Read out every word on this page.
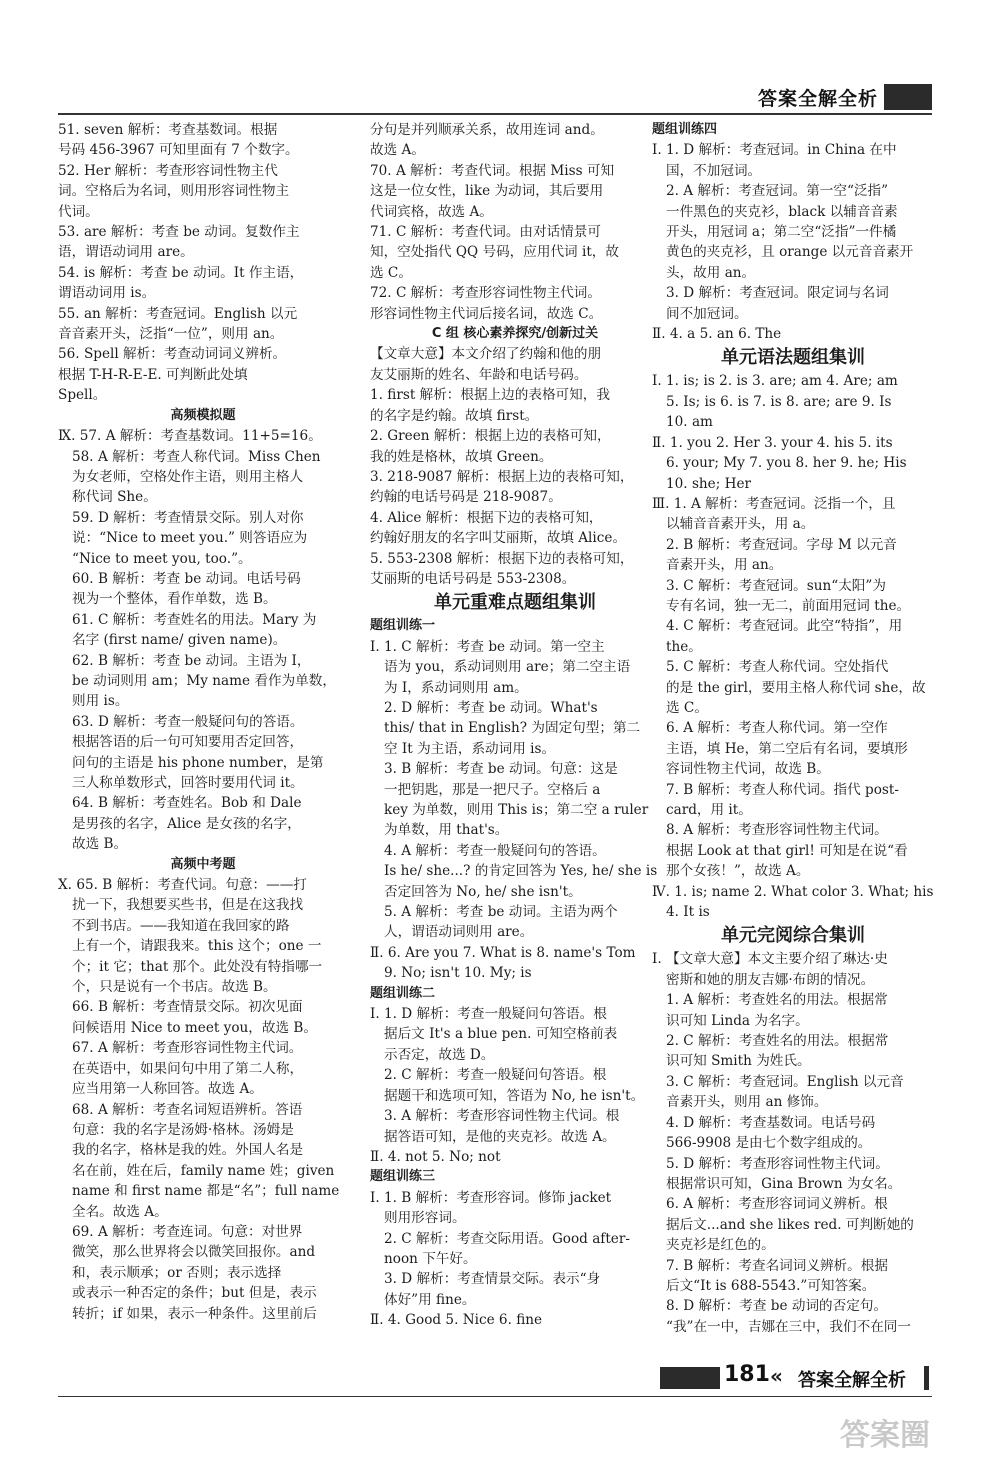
答案全解全析
51. seven 解析：考查基数词。根据
号码 456-3967 可知里面有 7 个数字。
52. Her 解析：考查形容词性物主代
词。空格后为名词，则用形容词性物主
代词。
53. are 解析：考查 be 动词。复数作主
语，谓语动词用 are。
54. is 解析：考查 be 动词。It 作主语，
谓语动词用 is。
55. an 解析：考查冠词。English 以元
音音素开头，泛指“一位”，则用 an。
56. Spell 解析：考查动词词义辨析。
根据 T-H-R-E-E. 可判断此处填
Spell。
高频模拟题
Ⅸ. 57. A 解析：考查基数词。11+5=16。
58. A 解析：考查人称代词。Miss Chen
为女老师，空格处作主语，则用主格人
称代词 She。
59. D 解析：考查情景交际。别人对你
说：“Nice to meet you.” 则答语应为
“Nice to meet you, too.”。
60. B 解析：考查 be 动词。电话号码
视为一个整体，看作单数，选 B。
61. C 解析：考查姓名的用法。Mary 为
名字 (first name/ given name)。
62. B 解析：考查 be 动词。主语为 I，
be 动词则用 am；My name 看作为单数，
则用 is。
63. D 解析：考查一般疑问句的答语。
根据答语的后一句可知要用否定回答，
问句的主语是 his phone number，是第
三人称单数形式，回答时要用代词 it。
64. B 解析：考查姓名。Bob 和 Dale
是男孩的名字，Alice 是女孩的名字，
故选 B。
高频中考题
Ⅹ. 65. B 解析：考查代词。句意：——打
扰一下，我想要买些书，但是在这我找
不到书店。——我知道在我回家的路
上有一个，请跟我来。this 这个；one 一
个；it 它；that 那个。此处没有特指哪一
个，只是说有一个书店。故选 B。
66. B 解析：考查情景交际。初次见面
问候语用 Nice to meet you，故选 B。
67. A 解析：考查形容词性物主代词。
在英语中，如果问句中用了第二人称，
应当用第一人称回答。故选 A。
68. A 解析：考查名词短语辨析。答语
句意：我的名字是汤姆·格林。汤姆是
我的名字，格林是我的姓。外国人名是
名在前，姓在后，family name 姓；given
name 和 first name 都是“名”；full name
全名。故选 A。
69. A 解析：考查连词。句意：对世界
微笑，那么世界将会以微笑回报你。and
和，表示顺承；or 否则；表示选择
或表示一种否定的条件；but 但是，表示
转折；if 如果，表示一种条件。这里前后
分句是并列顺承关系，故用连词 and。
故选 A。
70. A 解析：考查代词。根据 Miss 可知
这是一位女性，like 为动词，其后要用
代词宾格，故选 A。
71. C 解析：考查代词。由对话情景可
知，空处指代 QQ 号码，应用代词 it，故
选 C。
72. C 解析：考查形容词性物主代词。
形容词性物主代词后接名词，故选 C。
C 组 核心素养探究/创新过关
【文章大意】本文介绍了约翰和他的朋
友艾丽斯的姓名、年龄和电话号码。
1. first 解析：根据上边的表格可知，我
的名字是约翰。故填 first。
2. Green 解析：根据上边的表格可知，
我的姓是格林，故填 Green。
3. 218-9087 解析：根据上边的表格可知，
约翰的电话号码是 218-9087。
4. Alice 解析：根据下边的表格可知，
约翰好朋友的名字叫艾丽斯，故填 Alice。
5. 553-2308 解析：根据下边的表格可知，
艾丽斯的电话号码是 553-2308。
单元重难点题组集训
题组训练一
Ⅰ. 1. C 解析：考查 be 动词。第一空主
语为 you，系动词则用 are；第二空主语
为 I，系动词则用 am。
2. D 解析：考查 be 动词。What's
this/ that in English? 为固定句型；第二
空 It 为主语，系动词用 is。
3. B 解析：考查 be 动词。句意：这是
一把钥匙，那是一把尺子。空格后 a
key 为单数，则用 This is；第二空 a ruler
为单数，用 that's。
4. A 解析：考查一般疑问句的答语。
Is he/ she...? 的肯定回答为 Yes, he/ she is
否定回答为 No, he/ she isn't。
5. A 解析：考查 be 动词。主语为两个
人，谓语动词则用 are。
Ⅱ. 6. Are you 7. What is 8. name's Tom
9. No; isn't 10. My; is
题组训练二
Ⅰ. 1. D 解析：考查一般疑问句答语。根
据后文 It's a blue pen. 可知空格前表
示否定，故选 D。
2. C 解析：考查一般疑问句答语。根
据题干和选项可知，答语为 No, he isn't。
3. A 解析：考查形容词性物主代词。根
据答语可知，是他的夹克衫。故选 A。
Ⅱ. 4. not 5. No; not
题组训练三
Ⅰ. 1. B 解析：考查形容词。修饰 jacket
则用形容词。
2. C 解析：考查交际用语。Good after-
noon 下午好。
3. D 解析：考查情景交际。表示“身
体好”用 fine。
Ⅱ. 4. Good 5. Nice 6. fine
题组训练四
Ⅰ. 1. D 解析：考查冠词。in China 在中
国，不加冠词。
2. A 解析：考查冠词。第一空“泛指”
一件黑色的夹克衫，black 以辅音音素
开头，用冠词 a；第二空“泛指”一件橘
黄色的夹克衫，且 orange 以元音音素开
头，故用 an。
3. D 解析：考查冠词。限定词与名词
间不加冠词。
Ⅱ. 4. a 5. an 6. The
单元语法题组集训
Ⅰ. 1. is; is 2. is 3. are; am 4. Are; am
5. Is; is 6. is 7. is 8. are; are 9. Is
10. am
Ⅱ. 1. you 2. Her 3. your 4. his 5. its
6. your; My 7. you 8. her 9. he; His
10. she; Her
Ⅲ. 1. A 解析：考查冠词。泛指一个，且
以辅音音素开头，用 a。
2. B 解析：考查冠词。字母 M 以元音
音素开头，用 an。
3. C 解析：考查冠词。sun“太阳”为
专有名词，独一无二，前面用冠词 the。
4. C 解析：考查冠词。此空“特指”，用
the。
5. C 解析：考查人称代词。空处指代
的是 the girl，要用主格人称代词 she，故
选 C。
6. A 解析：考查人称代词。第一空作
主语，填 He，第二空后有名词，要填形
容词性物主代词，故选 B。
7. B 解析：考查人称代词。指代 post-
card，用 it。
8. A 解析：考查形容词性物主代词。
根据 Look at that girl! 可知是在说“看
那个女孩！”，故选 A。
Ⅳ. 1. is; name 2. What color 3. What; his
4. It is
单元完阅综合集训
Ⅰ. 【文章大意】本文主要介绍了琳达·史
密斯和她的朋友吉娜·布朗的情况。
1. A 解析：考查姓名的用法。根据常
识可知 Linda 为名字。
2. C 解析：考查姓名的用法。根据常
识可知 Smith 为姓氏。
3. C 解析：考查冠词。English 以元音
音素开头，则用 an 修饰。
4. D 解析：考查基数词。电话号码
566-9908 是由七个数字组成的。
5. D 解析：考查形容词性物主代词。
根据常识可知，Gina Brown 为女名。
6. A 解析：考查形容词词义辨析。根
据后文...and she likes red. 可判断她的
夹克衫是红色的。
7. B 解析：考查名词词义辨析。根据
后文“It is 688-5543.”可知答案。
8. D 解析：考查 be 动词的否定句。
“我”在一中，吉娜在三中，我们不在同一
181 « 答案全解全析
答案圈
